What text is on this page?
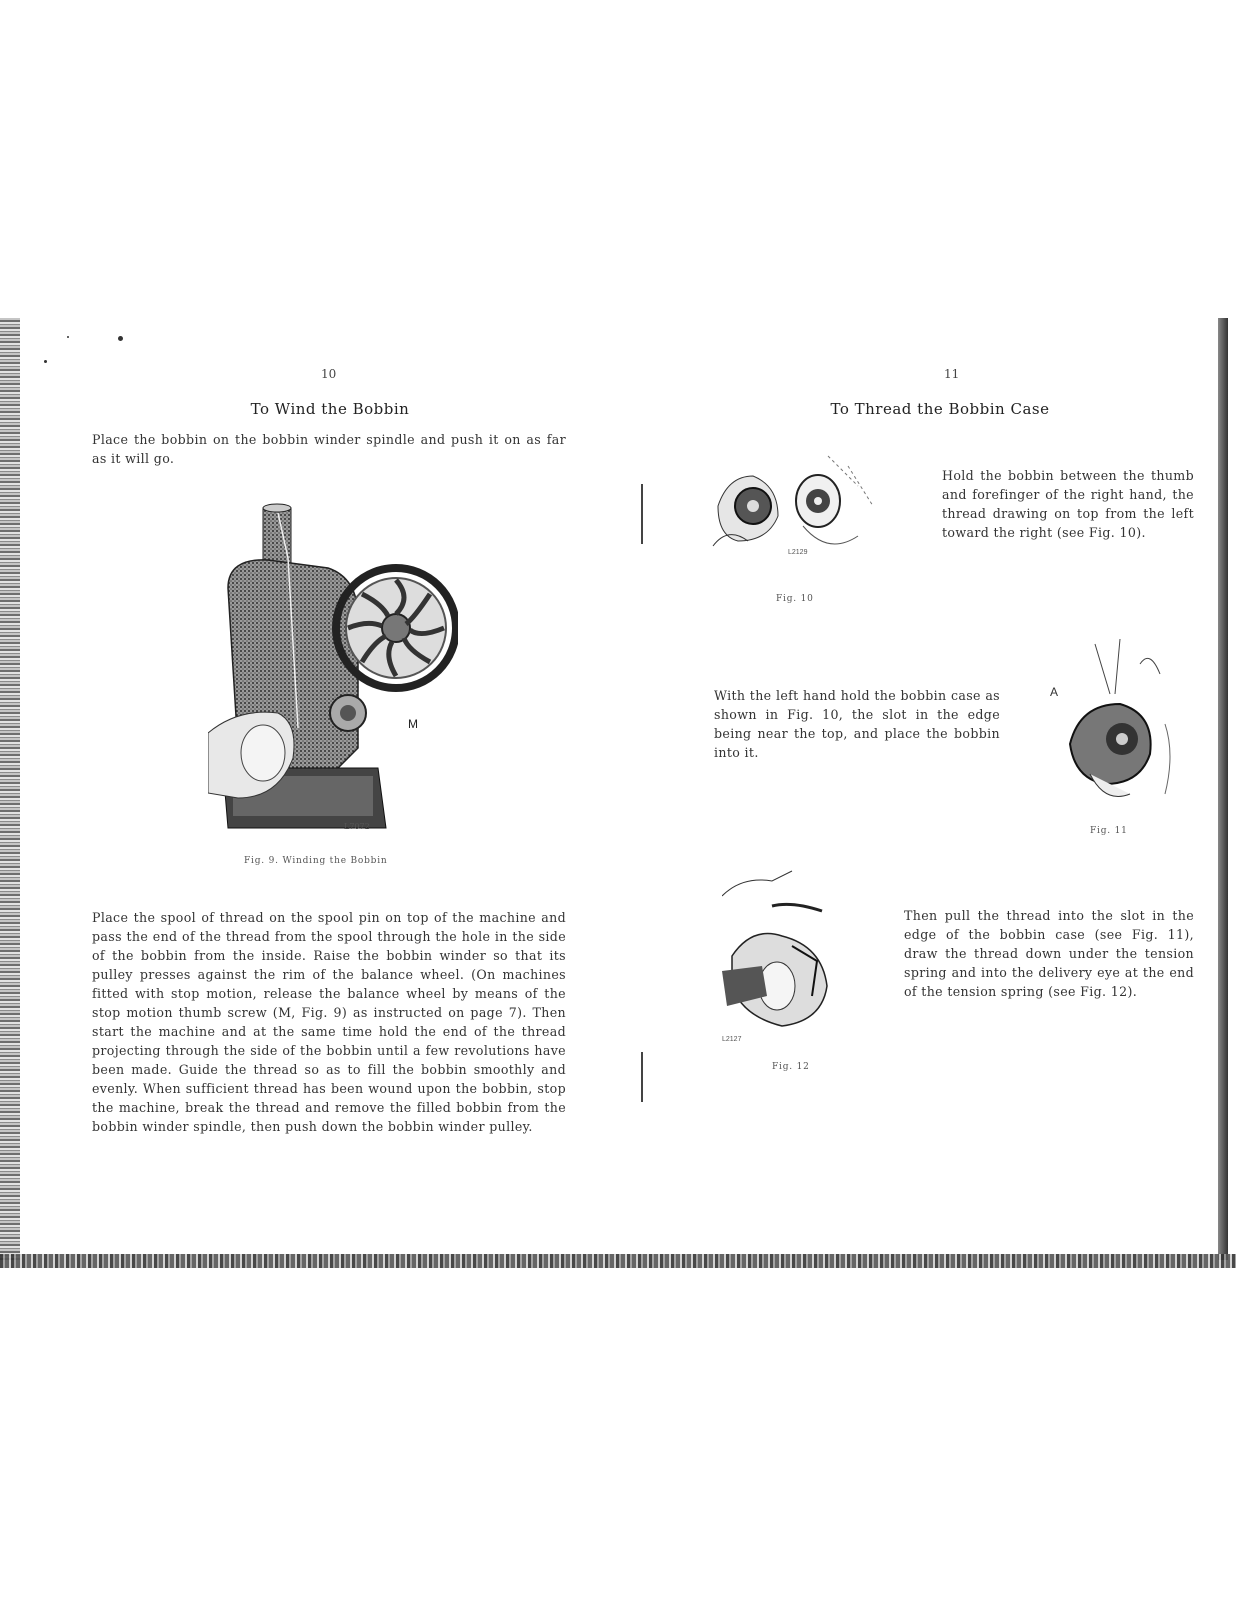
10
To Wind the Bobbin

Place the bobbin on the bobbin winder spindle and push it on as far as it will go.

M
L7072
Fig. 9. Winding the Bobbin

Place the spool of thread on the spool pin on top of the machine and pass the end of the thread from the spool through the hole in the side of the bobbin from the inside. Raise the bobbin winder so that its pulley presses against the rim of the balance wheel. (On machines fitted with stop motion, release the balance wheel by means of the stop motion thumb screw (M, Fig. 9) as instructed on page 7). Then start the machine and at the same time hold the end of the thread projecting through the side of the bobbin until a few revolutions have been made. Guide the thread so as to fill the bobbin smoothly and evenly. When sufficient thread has been wound upon the bobbin, stop the machine, break the thread and remove the filled bobbin from the bobbin winder spindle, then push down the bobbin winder pulley.

11
To Thread the Bobbin Case
L2129
Fig. 10

Hold the bobbin between the thumb and forefinger of the right hand, the thread drawing on top from the left toward the right (see Fig. 10).

With the left hand hold the bobbin case as shown in Fig. 10, the slot in the edge being near the top, and place the bobbin into it.

A
Fig. 11
L2127
Fig. 12

Then pull the thread into the slot in the edge of the bobbin case (see Fig. 11), draw the thread down under the tension spring and into the delivery eye at the end of the tension spring (see Fig. 12).
